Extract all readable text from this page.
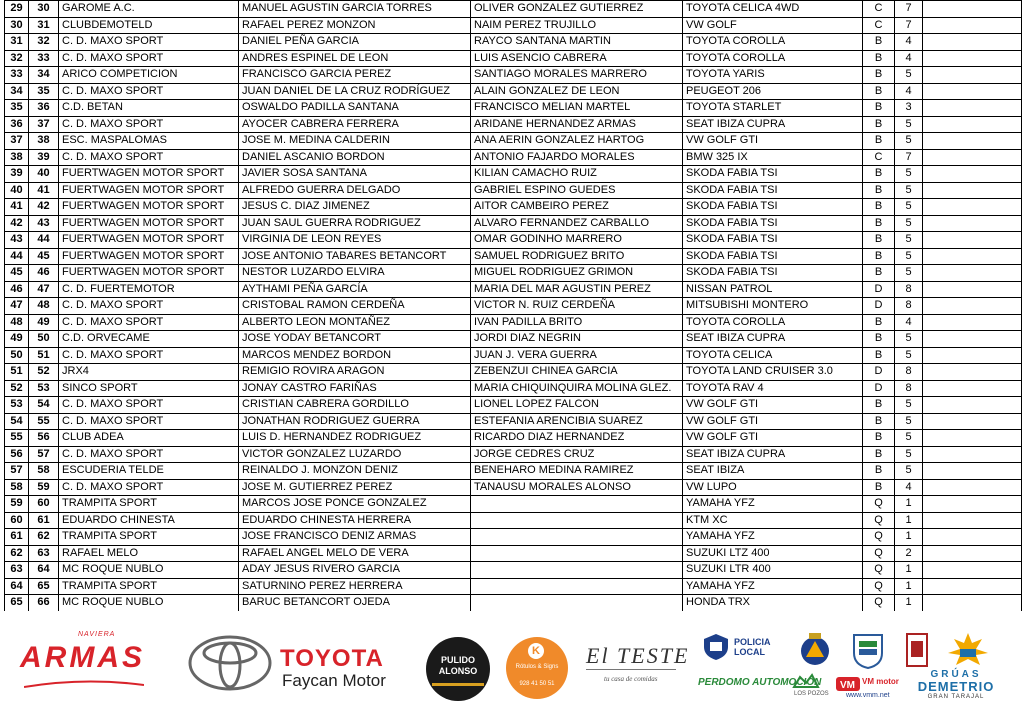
29	30	GAROME A.C.	MANUEL AGUSTIN GARCIA TORRES	OLIVER GONZALEZ GUTIERREZ	TOYOTA CELICA 4WD	C	7	
30	31	CLUBDEMOTELD	RAFAEL PEREZ MONZON	NAIM PEREZ TRUJILLO	VW GOLF	C	7	
31	32	C. D. MAXO SPORT	DANIEL PEÑA GARCIA	RAYCO SANTANA MARTIN	TOYOTA COROLLA	B	4	
32	33	C. D. MAXO SPORT	ANDRES ESPINEL DE LEON	LUIS ASENCIO CABRERA	TOYOTA COROLLA	B	4	
33	34	ARICO COMPETICION	FRANCISCO GARCIA PEREZ	SANTIAGO MORALES MARRERO	TOYOTA YARIS	B	5	
34	35	C. D. MAXO SPORT	JUAN DANIEL DE LA CRUZ RODRÍGUEZ	ALAIN GONZALEZ DE LEON	PEUGEOT 206	B	4	
35	36	C.D. BETAN	OSWALDO PADILLA SANTANA	FRANCISCO MELIAN MARTEL	TOYOTA STARLET	B	3	
36	37	C. D. MAXO SPORT	AYOCER CABRERA FERRERA	ARIDANE HERNANDEZ ARMAS	SEAT IBIZA CUPRA	B	5	
37	38	ESC. MASPALOMAS	JOSE M. MEDINA CALDERIN	ANA AERIN GONZALEZ HARTOG	VW GOLF GTI	B	5	
38	39	C. D. MAXO SPORT	DANIEL ASCANIO BORDON	ANTONIO FAJARDO MORALES	BMW 325 IX	C	7	
39	40	FUERTWAGEN MOTOR SPORT	JAVIER SOSA SANTANA	KILIAN CAMACHO RUIZ	SKODA FABIA TSI	B	5	
40	41	FUERTWAGEN MOTOR SPORT	ALFREDO GUERRA DELGADO	GABRIEL ESPINO GUEDES	SKODA FABIA TSI	B	5	
41	42	FUERTWAGEN MOTOR SPORT	JESUS C. DIAZ JIMENEZ	AITOR CAMBEIRO PEREZ	SKODA FABIA TSI	B	5	
42	43	FUERTWAGEN MOTOR SPORT	JUAN SAUL GUERRA RODRIGUEZ	ALVARO FERNANDEZ CARBALLO	SKODA FABIA TSI	B	5	
43	44	FUERTWAGEN MOTOR SPORT	VIRGINIA DE LEON REYES	OMAR GODINHO MARRERO	SKODA FABIA TSI	B	5	
44	45	FUERTWAGEN MOTOR SPORT	JOSE ANTONIO TABARES BETANCORT	SAMUEL RODRIGUEZ BRITO	SKODA FABIA TSI	B	5	
45	46	FUERTWAGEN MOTOR SPORT	NESTOR LUZARDO ELVIRA	MIGUEL RODRIGUEZ GRIMON	SKODA FABIA TSI	B	5	
46	47	C. D. FUERTEMOTOR	AYTHAMI PEÑA GARCÍA	MARIA DEL MAR AGUSTIN PEREZ	NISSAN PATROL	D	8	
47	48	C. D. MAXO SPORT	CRISTOBAL RAMON CERDEÑA	VICTOR N. RUIZ CERDEÑA	MITSUBISHI MONTERO	D	8	
48	49	C. D. MAXO SPORT	ALBERTO LEON MONTAÑEZ	IVAN PADILLA BRITO	TOYOTA COROLLA	B	4	
49	50	C.D. ORVECAME	JOSE YODAY BETANCORT	JORDI DIAZ NEGRIN	SEAT IBIZA CUPRA	B	5	
50	51	C. D. MAXO SPORT	MARCOS MENDEZ BORDON	JUAN J. VERA GUERRA	TOYOTA CELICA	B	5	
51	52	JRX4	REMIGIO ROVIRA ARAGON	ZEBENZUI CHINEA GARCIA	TOYOTA LAND CRUISER 3.0	D	8	
52	53	SINCO SPORT	JONAY CASTRO FARIÑAS	MARIA CHIQUINQUIRA MOLINA GLEZ.	TOYOTA RAV 4	D	8	
53	54	C. D. MAXO SPORT	CRISTIAN CABRERA GORDILLO	LIONEL LOPEZ FALCON	VW GOLF GTI	B	5	
54	55	C. D. MAXO SPORT	JONATHAN RODRIGUEZ GUERRA	ESTEFANIA ARENCIBIA SUAREZ	VW GOLF GTI	B	5	
55	56	CLUB ADEA	LUIS D. HERNANDEZ RODRIGUEZ	RICARDO DIAZ HERNANDEZ	VW GOLF GTI	B	5	
56	57	C. D. MAXO SPORT	VICTOR GONZALEZ LUZARDO	JORGE CEDRES CRUZ	SEAT IBIZA CUPRA	B	5	
57	58	ESCUDERIA TELDE	REINALDO J. MONZON DENIZ	BENEHARO MEDINA RAMIREZ	SEAT IBIZA	B	5	
58	59	C. D. MAXO SPORT	JOSE M. GUTIERREZ PEREZ	TANAUSU MORALES ALONSO	VW LUPO	B	4	
59	60	TRAMPITA SPORT	MARCOS JOSE PONCE GONZALEZ		YAMAHA YFZ	Q	1	
60	61	EDUARDO CHINESTA	EDUARDO CHINESTA HERRERA		KTM XC	Q	1	
61	62	TRAMPITA SPORT	JOSE FRANCISCO DENIZ ARMAS		YAMAHA YFZ	Q	1	
62	63	RAFAEL MELO	RAFAEL ANGEL MELO DE VERA		SUZUKI LTZ 400	Q	2	
63	64	MC ROQUE NUBLO	ADAY JESUS RIVERO GARCIA		SUZUKI LTR 400	Q	1	
64	65	TRAMPITA SPORT	SATURNINO PEREZ HERRERA		YAMAHA YFZ	Q	1	
65	66	MC ROQUE NUBLO	BARUC BETANCORT OJEDA		HONDA TRX	Q	1	
NAVIERA
ARMAS	TOYOTA
Faycan Motor
PULIDO ALONSO
K
Rótulos & Signs
928 41 50 51
El TESTE
tu casa de comidas
POLICIA LOCAL
PERDOMO AUTOMOCIÓN
LOS POZOS
VM VM motor
www.vmm.net
GRÚAS
DEMETRIO
GRAN TARAJAL
